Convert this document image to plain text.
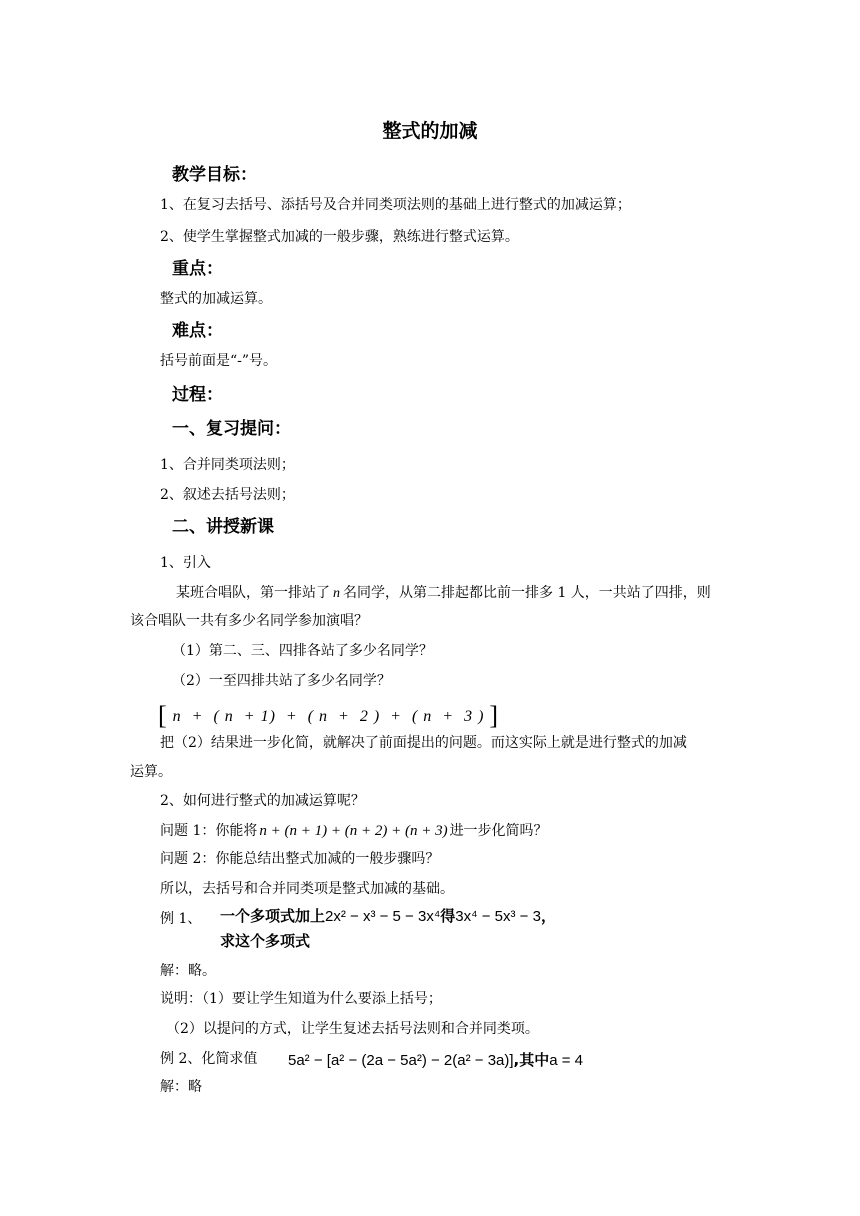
整式的加减
教学目标：
1、在复习去括号、添括号及合并同类项法则的基础上进行整式的加减运算；
2、使学生掌握整式加减的一般步骤，熟练进行整式运算。
重点：
整式的加减运算。
难点：
括号前面是“-”号。
过程：
一、复习提问：
1、合并同类项法则；
2、叙述去括号法则；
二、讲授新课
1、引入
某班合唱队，第一排站了 n 名同学，从第二排起都比前一排多 1 人，一共站了四排，则
该合唱队一共有多少名同学参加演唱？
（1）第二、三、四排各站了多少名同学？
（2）一至四排共站了多少名同学？
[ n  +  ( n  + 1)  +  ( n  +  2 )  +  ( n  +  3 ) ]
把（2）结果进一步化简，就解决了前面提出的问题。而这实际上就是进行整式的加减
运算。
2、如何进行整式的加减运算呢？
问题 1：你能将 n + (n + 1) + (n + 2) + (n + 3) 进一步化简吗？
问题 2：你能总结出整式加减的一般步骤吗？
所以，去括号和合并同类项是整式加减的基础。
例 1、 一个多项式加上2x² − x³ − 5 − 3x⁴得3x⁴ − 5x³ − 3，
求这个多项式
解：略。
说明：（1）要让学生知道为什么要添上括号；
（2）以提问的方式，让学生复述去括号法则和合并同类项。
例 2、化简求值 5a² − [a² − (2a − 5a²) − 2(a² − 3a)],其中a = 4
解：略
